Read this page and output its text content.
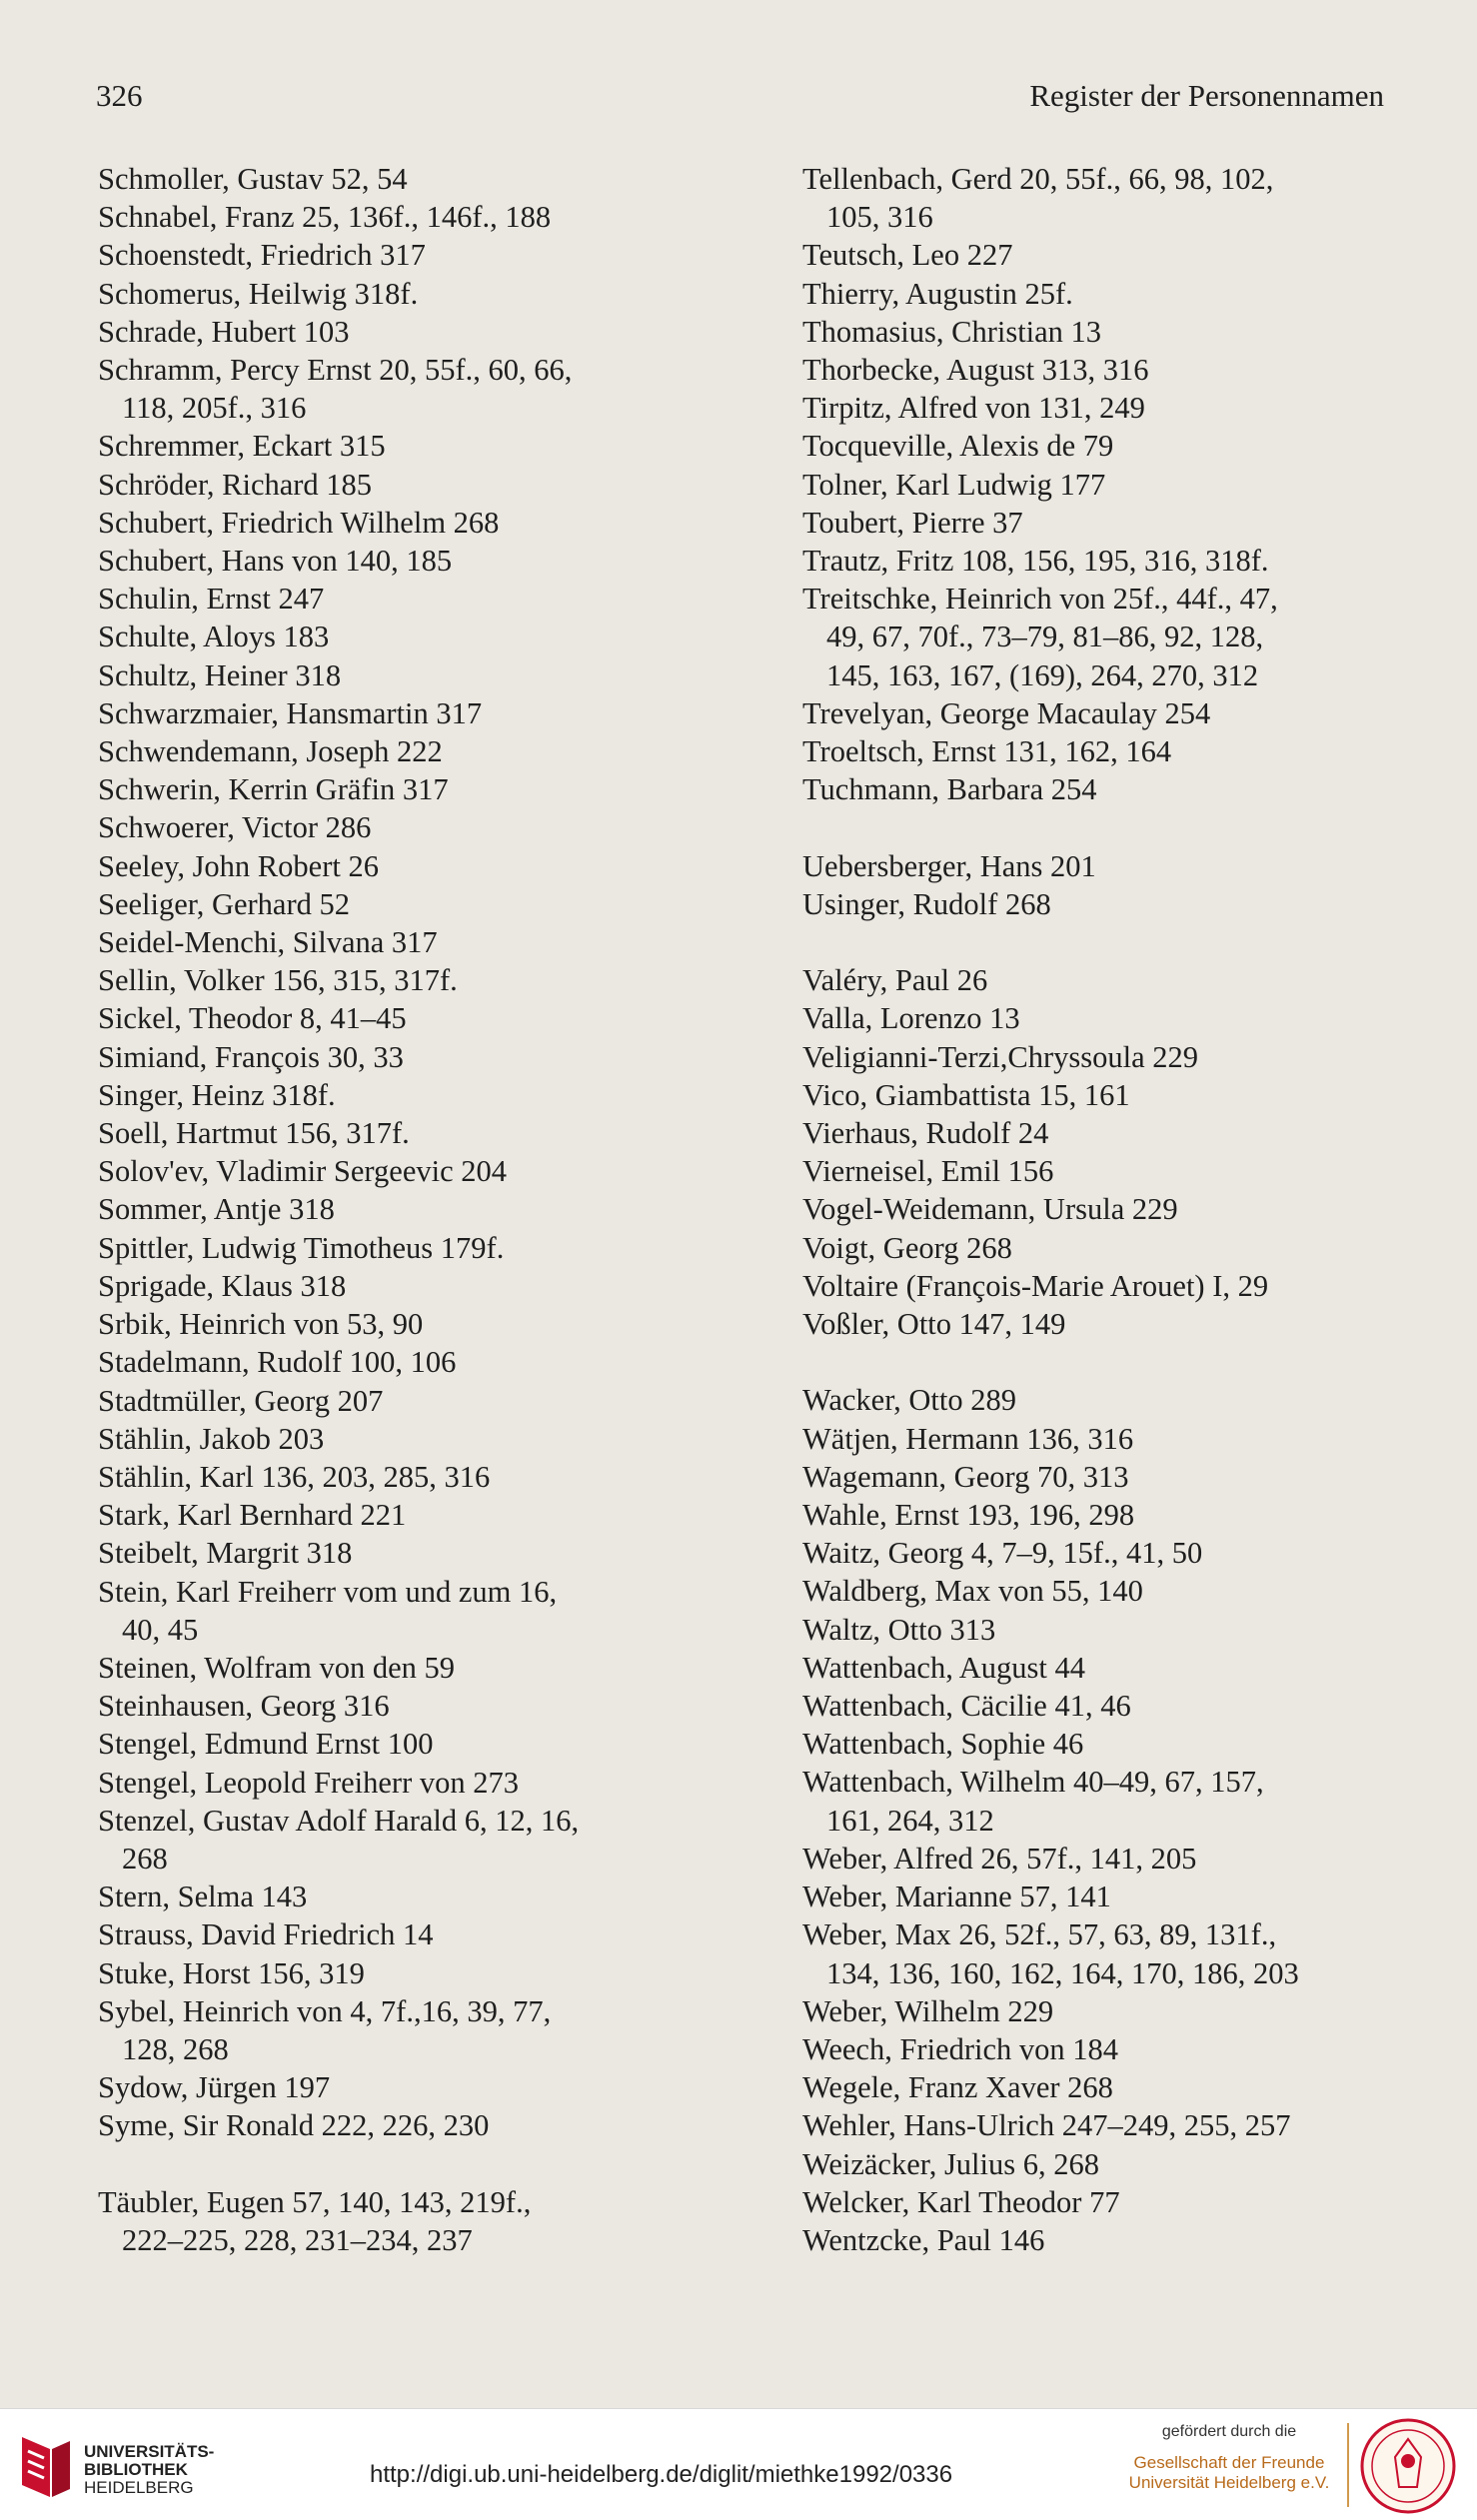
326	Register der Personennamen

Schmoller, Gustav 52, 54

Schnabel, Franz 25, 136f., 146f., 188

Schoenstedt, Friedrich 317

Schomerus, Heilwig 318f.

Schrade, Hubert 103

Schramm, Percy Ernst 20, 55f., 60, 66,
118, 205f., 316

Schremmer, Eckart 315

Schröder, Richard 185

Schubert, Friedrich Wilhelm 268

Schubert, Hans von 140, 185

Schulin, Ernst 247

Schulte, Aloys 183

Schultz, Heiner 318

Schwarzmaier, Hansmartin 317

Schwendemann, Joseph 222

Schwerin, Kerrin Gräfin 317

Schwoerer, Victor 286

Seeley, John Robert 26

Seeliger, Gerhard 52

Seidel-Menchi, Silvana 317

Sellin, Volker 156, 315, 317f.

Sickel, Theodor 8, 41–45

Simiand, François 30, 33

Singer, Heinz 318f.

Soell, Hartmut 156, 317f.

Solov'ev, Vladimir Sergeevic 204

Sommer, Antje 318

Spittler, Ludwig Timotheus 179f.

Sprigade, Klaus 318

Srbik, Heinrich von 53, 90

Stadelmann, Rudolf 100, 106

Stadtmüller, Georg 207

Stählin, Jakob 203

Stählin, Karl 136, 203, 285, 316

Stark, Karl Bernhard 221

Steibelt, Margrit 318

Stein, Karl Freiherr vom und zum 16,
40, 45

Steinen, Wolfram von den 59

Steinhausen, Georg 316

Stengel, Edmund Ernst 100

Stengel, Leopold Freiherr von 273

Stenzel, Gustav Adolf Harald 6, 12, 16,
268

Stern, Selma 143

Strauss, David Friedrich 14

Stuke, Horst 156, 319

Sybel, Heinrich von 4, 7f.,16, 39, 77,
128, 268

Sydow, Jürgen 197

Syme, Sir Ronald 222, 226, 230

Täubler, Eugen 57, 140, 143, 219f.,
222–225, 228, 231–234, 237

Tellenbach, Gerd 20, 55f., 66, 98, 102,
105, 316

Teutsch, Leo 227

Thierry, Augustin 25f.

Thomasius, Christian 13

Thorbecke, August 313, 316

Tirpitz, Alfred von 131, 249

Tocqueville, Alexis de 79

Tolner, Karl Ludwig 177

Toubert, Pierre 37

Trautz, Fritz 108, 156, 195, 316, 318f.

Treitschke, Heinrich von 25f., 44f., 47,
49, 67, 70f., 73–79, 81–86, 92, 128,

145, 163, 167, (169), 264, 270, 312

Trevelyan, George Macaulay 254

Troeltsch, Ernst 131, 162, 164

Tuchmann, Barbara 254

Uebersberger, Hans 201

Usinger, Rudolf 268

Valéry, Paul 26

Valla, Lorenzo 13

Veligianni-Terzi,Chryssoula 229

Vico, Giambattista 15, 161

Vierhaus, Rudolf 24

Vierneisel, Emil 156

Vogel-Weidemann, Ursula 229

Voigt, Georg 268

Voltaire (François-Marie Arouet) I, 29

Voßler, Otto 147, 149

Wacker, Otto 289

Wätjen, Hermann 136, 316

Wagemann, Georg 70, 313

Wahle, Ernst 193, 196, 298

Waitz, Georg 4, 7–9, 15f., 41, 50

Waldberg, Max von 55, 140

Waltz, Otto 313

Wattenbach, August 44

Wattenbach, Cäcilie 41, 46

Wattenbach, Sophie 46

Wattenbach, Wilhelm 40–49, 67, 157,
161, 264, 312

Weber, Alfred 26, 57f., 141, 205

Weber, Marianne 57, 141

Weber, Max 26, 52f., 57, 63, 89, 131f.,
134, 136, 160, 162, 164, 170, 186, 203

Weber, Wilhelm 229

Weech, Friedrich von 184

Wegele, Franz Xaver 268

Wehler, Hans-Ulrich 247–249, 255, 257

Weizäcker, Julius 6, 268

Welcker, Karl Theodor 77

Wentzcke, Paul 146

UNIVERSITÄTS-
BIBLIOTHEK
HEIDELBERG	http://digi.ub.uni-heidelberg.de/diglit/miethke1992/0336
gefördert durch die
Gesellschaft der Freunde
Universität Heidelberg e.V.
